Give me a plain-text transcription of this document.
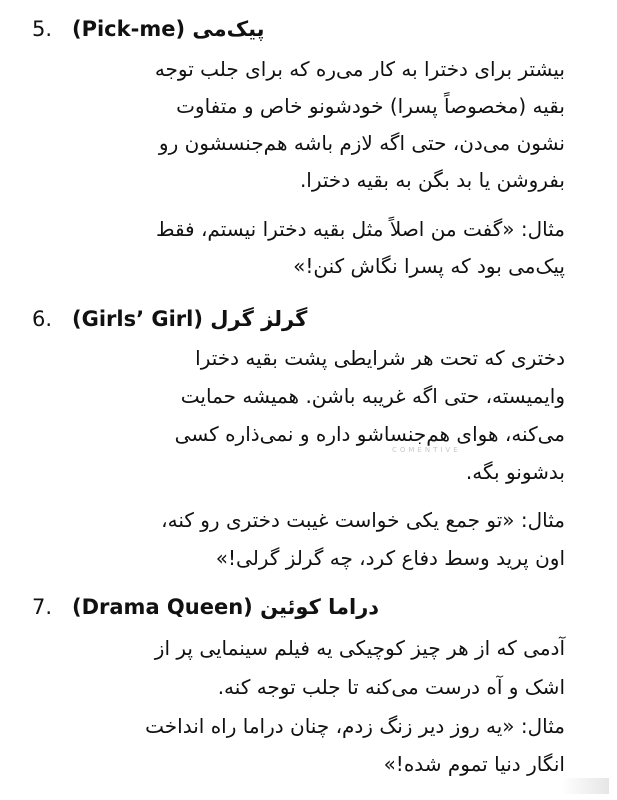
5. (Pick-me) پیک‌می
بیشتر برای دخترا به کار می‌ره که برای جلب توجه
بقیه (مخصوصاً پسرا) خودشونو خاص و متفاوت
نشون می‌دن، حتی اگه لازم باشه هم‌جنسشون رو
بفروشن یا بد بگن به بقیه دخترا.
مثال: «گفت من اصلاً مثل بقیه دخترا نیستم، فقط
پیک‌می بود که پسرا نگاش کنن!»
6. (Girls’ Girl) گرلز گرل
دختری که تحت هر شرایطی پشت بقیه دخترا
وایمیسته، حتی اگه غریبه باشن. همیشه حمایت
می‌کنه، هوای هم‌جنساشو داره و نمی‌ذاره کسی
بدشونو بگه.
مثال: «تو جمع یکی خواست غیبت دختری رو کنه،
اون پرید وسط دفاع کرد، چه گرلز گرلی!»
7. (Drama Queen) دراما کوئین
آدمی که از هر چیز کوچیکی یه فیلم سینمایی پر از
اشک و آه درست می‌کنه تا جلب توجه کنه.
مثال: «یه روز دیر زنگ زدم، چنان دراما راه انداخت
انگار دنیا تموم شده!»
COMENTIVE
